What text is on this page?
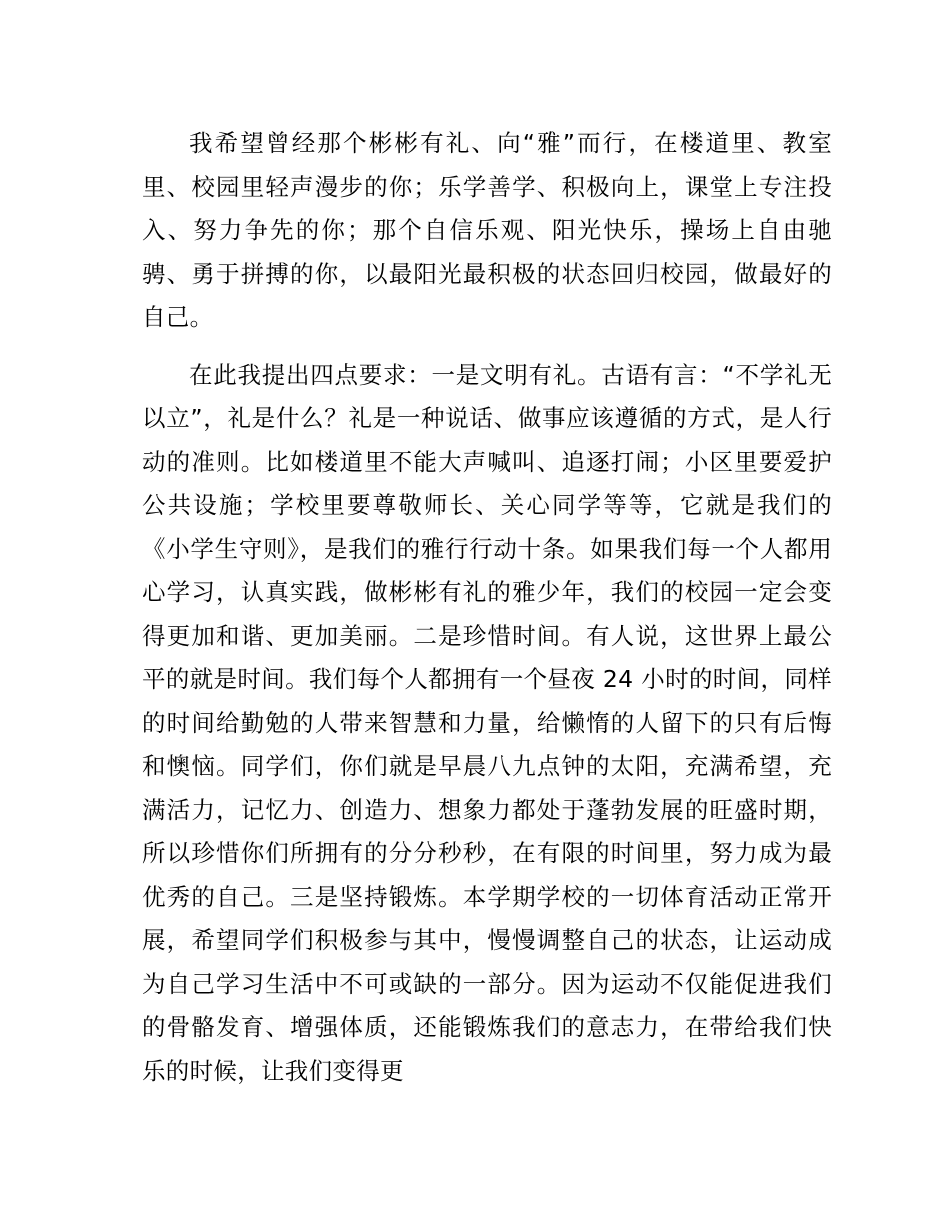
我希望曾经那个彬彬有礼、向“雅”而行，在楼道里、教室里、校园里轻声漫步的你；乐学善学、积极向上，课堂上专注投入、努力争先的你；那个自信乐观、阳光快乐，操场上自由驰骋、勇于拼搏的你，以最阳光最积极的状态回归校园，做最好的自己。

在此我提出四点要求：一是文明有礼。古语有言：“不学礼无以立”，礼是什么？礼是一种说话、做事应该遵循的方式，是人行动的准则。比如楼道里不能大声喊叫、追逐打闹；小区里要爱护公共设施；学校里要尊敬师长、关心同学等等，它就是我们的《小学生守则》，是我们的雅行行动十条。如果我们每一个人都用心学习，认真实践，做彬彬有礼的雅少年，我们的校园一定会变得更加和谐、更加美丽。二是珍惜时间。有人说，这世界上最公平的就是时间。我们每个人都拥有一个昼夜 24 小时的时间，同样的时间给勤勉的人带来智慧和力量，给懒惰的人留下的只有后悔和懊恼。同学们，你们就是早晨八九点钟的太阳，充满希望，充满活力，记忆力、创造力、想象力都处于蓬勃发展的旺盛时期，所以珍惜你们所拥有的分分秒秒，在有限的时间里，努力成为最优秀的自己。三是坚持锻炼。本学期学校的一切体育活动正常开展，希望同学们积极参与其中，慢慢调整自己的状态，让运动成为自己学习生活中不可或缺的一部分。因为运动不仅能促进我们的骨骼发育、增强体质，还能锻炼我们的意志力，在带给我们快乐的时候，让我们变得更
